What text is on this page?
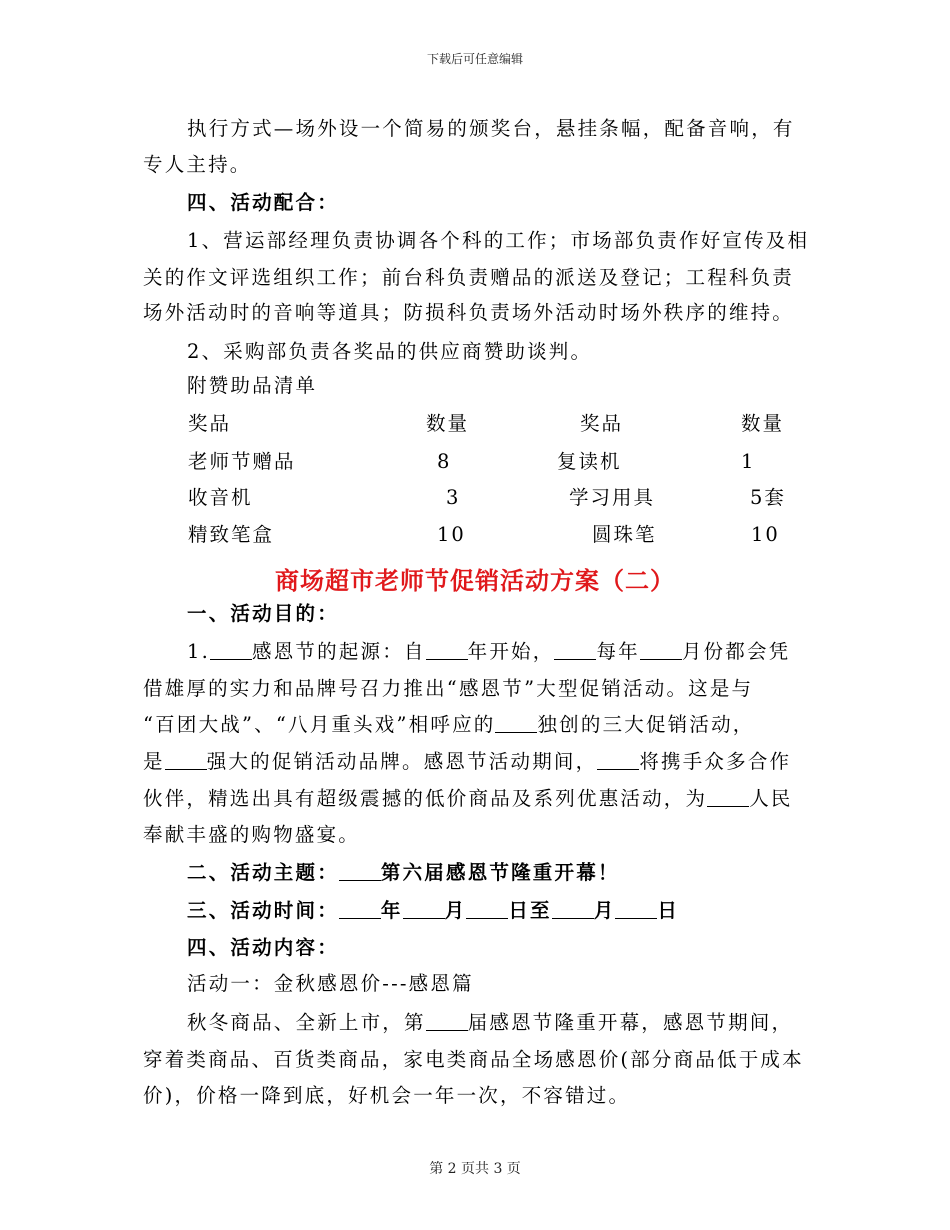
下载后可任意编辑
执行方式—场外设一个简易的颁奖台，悬挂条幅，配备音响，有
专人主持。
四、活动配合：
1、营运部经理负责协调各个科的工作；市场部负责作好宣传及相
关的作文评选组织工作；前台科负责赠品的派送及登记；工程科负责
场外活动时的音响等道具；防损科负责场外活动时场外秩序的维持。
2、采购部负责各奖品的供应商赞助谈判。
附赞助品清单
奖品	数量	奖品	数量
老师节赠品	8	复读机	1
收音机	3	学习用具	5套
精致笔盒	10	圆珠笔	10
商场超市老师节促销活动方案（二）
一、活动目的：
1. 感恩节的起源：自 年开始， 每年 月份都会凭
借雄厚的实力和品牌号召力推出“感恩节”大型促销活动。这是与
“百团大战”、“八月重头戏”相呼应的 独创的三大促销活动，
是 强大的促销活动品牌。感恩节活动期间， 将携手众多合作
伙伴，精选出具有超级震撼的低价商品及系列优惠活动，为 人民
奉献丰盛的购物盛宴。
二、活动主题： 第六届感恩节隆重开幕！
三、活动时间： 年 月 日至 月 日
四、活动内容：
活动一：金秋感恩价---感恩篇
秋冬商品、全新上市，第 届感恩节隆重开幕，感恩节期间，
穿着类商品、百货类商品，家电类商品全场感恩价(部分商品低于成本
价)，价格一降到底，好机会一年一次，不容错过。
第 2 页共 3 页
